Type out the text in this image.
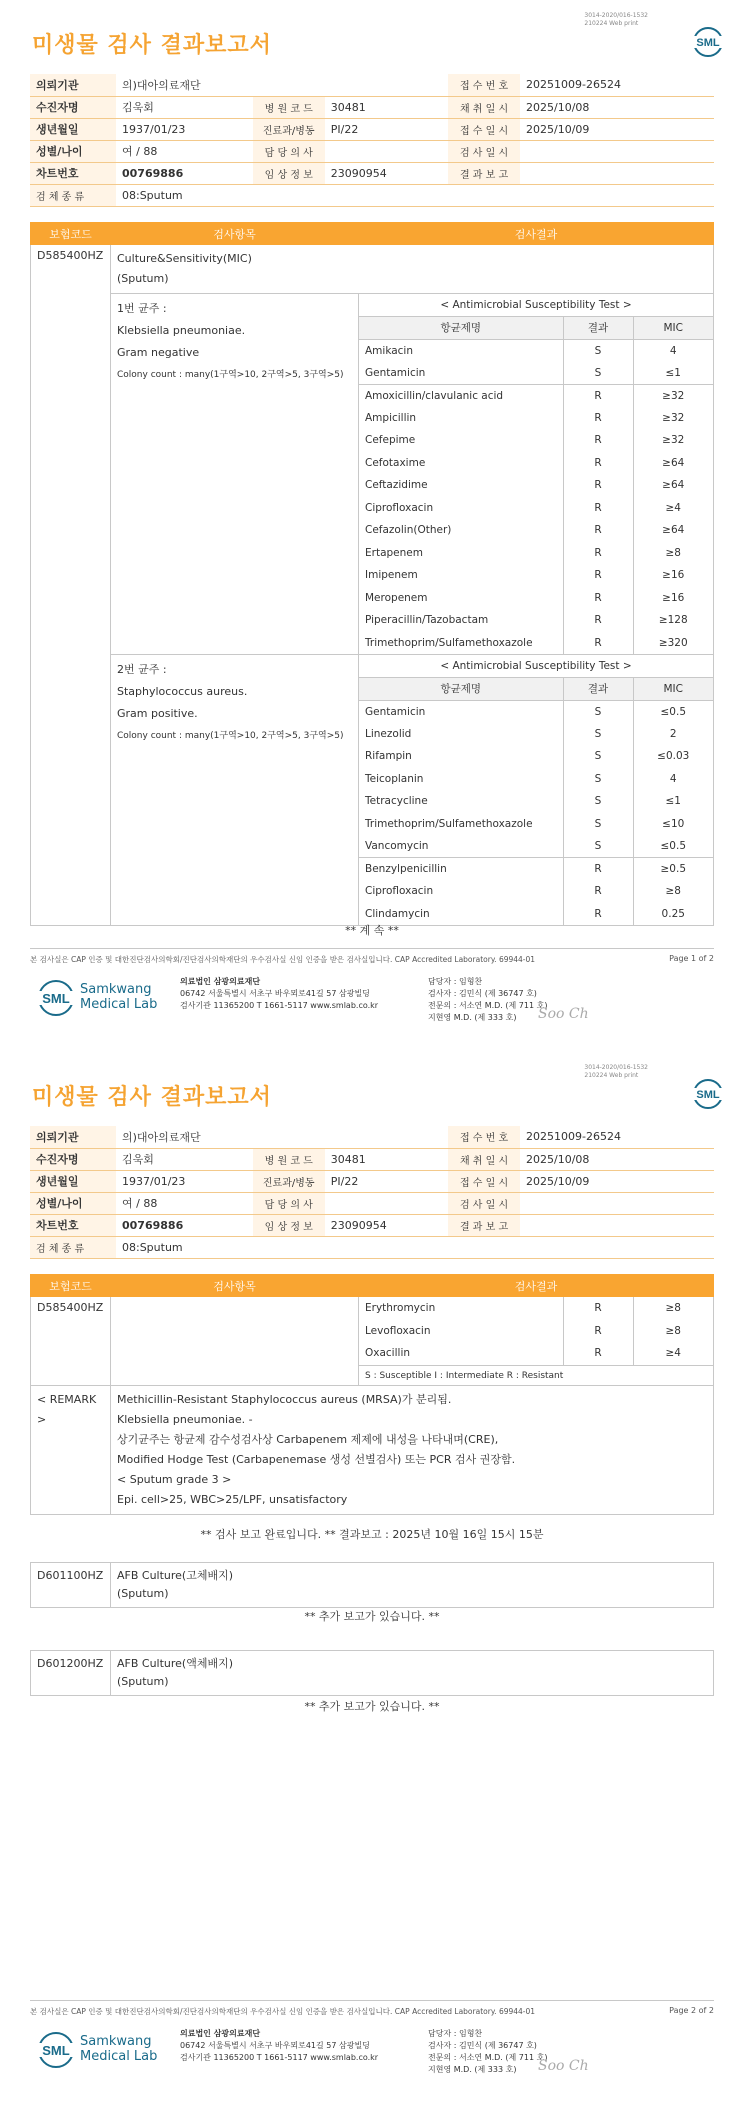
3014-2020/016-1532
210224 Web print
SML
미생물 검사 결과보고서
의뢰기관	의)대아의료재단			접 수 번 호	20251009-26524
수진자명	김욱회	병 원 코 드	30481	채 취 일 시	2025/10/08
생년월일	1937/01/23	진료과/병동	PI/22	접 수 일 시	2025/10/09
성별/나이	여 / 88	담 당 의 사		검 사 일 시	
차트번호	00769886	임 상 정 보	23090954	결 과 보 고	
검 체 종 류	08:Sputum				
보험코드	검사항목	검사결과
D585400HZ	Culture&Sensitivity(MIC)
(Sputum)

1번 균주 :
Klebsiella pneumoniae.
Gram negative
Colony count : many(1구역>10, 2구역>5, 3구역>5)

< Antimicrobial Susceptibility Test >
항균제명	결과	MIC
Amikacin	S	4
Gentamicin	S	≤1
Amoxicillin/clavulanic acid	R	≥32
Ampicillin	R	≥32
Cefepime	R	≥32
Cefotaxime	R	≥64
Ceftazidime	R	≥64
Ciprofloxacin	R	≥4
Cefazolin(Other)	R	≥64
Ertapenem	R	≥8
Imipenem	R	≥16
Meropenem	R	≥16
Piperacillin/Tazobactam	R	≥128
Trimethoprim/Sulfamethoxazole	R	≥320

2번 균주 :
Staphylococcus aureus.
Gram positive.
Colony count : many(1구역>10, 2구역>5, 3구역>5)

< Antimicrobial Susceptibility Test >
항균제명	결과	MIC
Gentamicin	S	≤0.5
Linezolid	S	2
Rifampin	S	≤0.03
Teicoplanin	S	4
Tetracycline	S	≤1
Trimethoprim/Sulfamethoxazole	S	≤10
Vancomycin	S	≤0.5
Benzylpenicillin	R	≥0.5
Ciprofloxacin	R	≥8
Clindamycin	R	0.25
** 계 속 **
본 검사실은 CAP 인증 및 대한진단검사의학회/진단검사의학재단의 우수검사실 신임 인증을 받은 검사실입니다. CAP Accredited Laboratory. 69944-01	Page 1 of 2
SML
Samkwang
Medical Lab
의료법인 삼광의료재단
06742 서울특별시 서초구 바우뫼로41길 57 삼광빌딩
검사기관 11365200 T 1661-5117 www.smlab.co.kr
담당자 : 임형찬
검사자 : 김민식 (제 36747 호)
전문의 : 서소연 M.D. (제 711 호)
지현영 M.D. (제 333 호)	Soo Ch
3014-2020/016-1532
210224 Web print
SML
미생물 검사 결과보고서
의뢰기관	의)대아의료재단			접 수 번 호	20251009-26524
수진자명	김욱회	병 원 코 드	30481	채 취 일 시	2025/10/08
생년월일	1937/01/23	진료과/병동	PI/22	접 수 일 시	2025/10/09
성별/나이	여 / 88	담 당 의 사		검 사 일 시	
차트번호	00769886	임 상 정 보	23090954	결 과 보 고	
검 체 종 류	08:Sputum				
보험코드	검사항목	검사결과
D585400HZ			Erythromycin	R	≥8
Levofloxacin	R	≥8
Oxacillin	R	≥4
S : Susceptible I : Intermediate R : Resistant

< REMARK >	
Methicillin-Resistant Staphylococcus aureus (MRSA)가 분리됨.
Klebsiella pneumoniae. -
상기균주는 항균제 감수성검사상 Carbapenem 제제에 내성을 나타내며(CRE),
Modified Hodge Test (Carbapenemase 생성 선별검사) 또는 PCR 검사 권장함.
< Sputum grade 3 >
Epi. cell>25, WBC>25/LPF, unsatisfactory
** 검사 보고 완료입니다. ** 결과보고 : 2025년 10월 16일 15시 15분
D601100HZ	AFB Culture(고체배지)
(Sputum)
** 추가 보고가 있습니다. **
D601200HZ	AFB Culture(액체배지)
(Sputum)
** 추가 보고가 있습니다. **
본 검사실은 CAP 인증 및 대한진단검사의학회/진단검사의학재단의 우수검사실 신임 인증을 받은 검사실입니다. CAP Accredited Laboratory. 69944-01	Page 2 of 2
SML
Samkwang
Medical Lab
의료법인 삼광의료재단
06742 서울특별시 서초구 바우뫼로41길 57 삼광빌딩
검사기관 11365200 T 1661-5117 www.smlab.co.kr
담당자 : 임형찬
검사자 : 김민식 (제 36747 호)
전문의 : 서소연 M.D. (제 711 호)
지현영 M.D. (제 333 호)	Soo Ch
